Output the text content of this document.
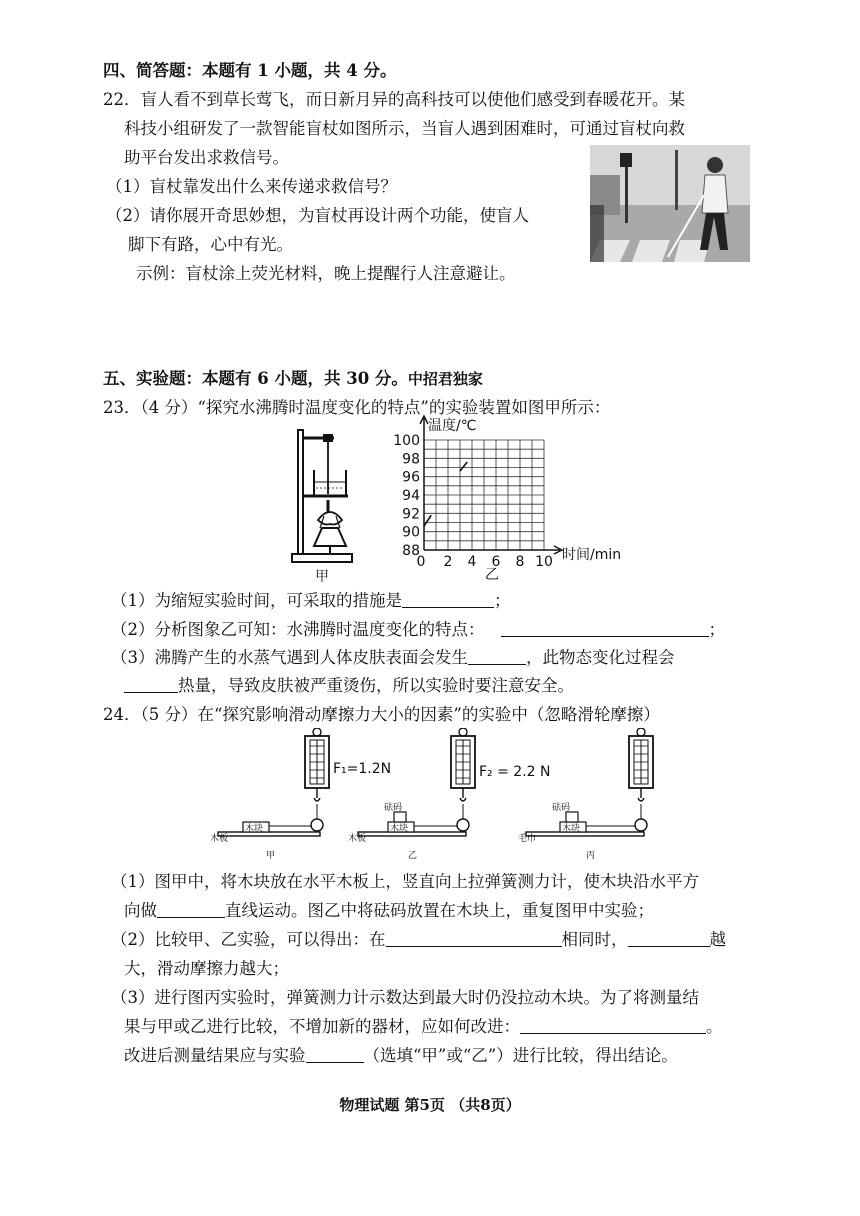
四、简答题：本题有 1 小题，共 4 分。
22．盲人看不到草长莺飞，而日新月异的高科技可以使他们感受到春暖花开。某
科技小组研发了一款智能盲杖如图所示，当盲人遇到困难时，可通过盲杖向救
助平台发出求救信号。
（1）盲杖靠发出什么来传递求救信号？
（2）请你展开奇思妙想，为盲杖再设计两个功能，使盲人
脚下有路，心中有光。
示例：盲杖涂上荧光材料，晚上提醒行人注意避让。
五、实验题：本题有 6 小题，共 30 分。中招君独家
23．（4 分）“探究水沸腾时温度变化的特点”的实验装置如图甲所示：
甲
88
90
92
94
96
98
100
0 2 4 6 8 10
温度/℃
时间/min
乙
（1）为缩短实验时间，可采取的措施是	；
（2）分析图象乙可知：水沸腾时温度变化的特点：	；
（3）沸腾产生的水蒸气遇到人体皮肤表面会发生	，此物态变化过程会
热量，导致皮肤被严重烫伤，所以实验时要注意安全。
24．（5 分）在“探究影响滑动摩擦力大小的因素”的实验中（忽略滑轮摩擦）
F₁=1.2N
木块
木板
甲
F₂ = 2.2 N
木块
砝码
木板
乙
木块
砝码
毛巾
丙
（1）图甲中，将木块放在水平木板上，竖直向上拉弹簧测力计，使木块沿水平方
向做	直线运动。图乙中将砝码放置在木块上，重复图甲中实验；
（2）比较甲、乙实验，可以得出：在	相同时，	越
大，滑动摩擦力越大；
（3）进行图丙实验时，弹簧测力计示数达到最大时仍没拉动木块。为了将测量结
果与甲或乙进行比较，不增加新的器材，应如何改进：	。
改进后测量结果应与实验	（选填“甲”或“乙”）进行比较，得出结论。
物理试题 第5页 （共8页）
